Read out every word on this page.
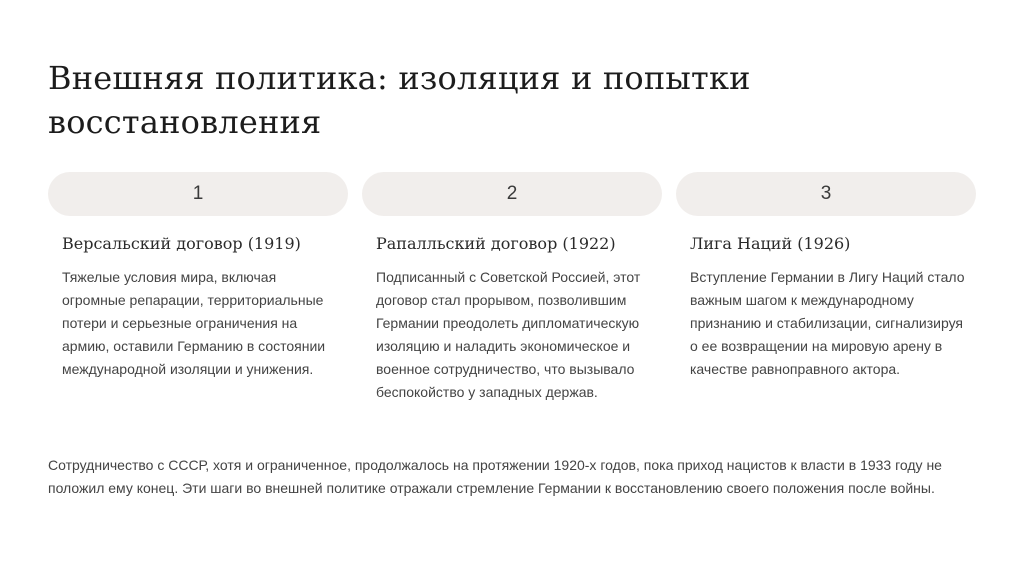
Внешняя политика: изоляция и попытки восстановления
1
Версальский договор (1919)
Тяжелые условия мира, включая огромные репарации, территориальные потери и серьезные ограничения на армию, оставили Германию в состоянии международной изоляции и унижения.
2
Рапалльский договор (1922)
Подписанный с Советской Россией, этот договор стал прорывом, позволившим Германии преодолеть дипломатическую изоляцию и наладить экономическое и военное сотрудничество, что вызывало беспокойство у западных держав.
3
Лига Наций (1926)
Вступление Германии в Лигу Наций стало важным шагом к международному признанию и стабилизации, сигнализируя о ее возвращении на мировую арену в качестве равноправного актора.
Сотрудничество с СССР, хотя и ограниченное, продолжалось на протяжении 1920-х годов, пока приход нацистов к власти в 1933 году не положил ему конец. Эти шаги во внешней политике отражали стремление Германии к восстановлению своего положения после войны.
